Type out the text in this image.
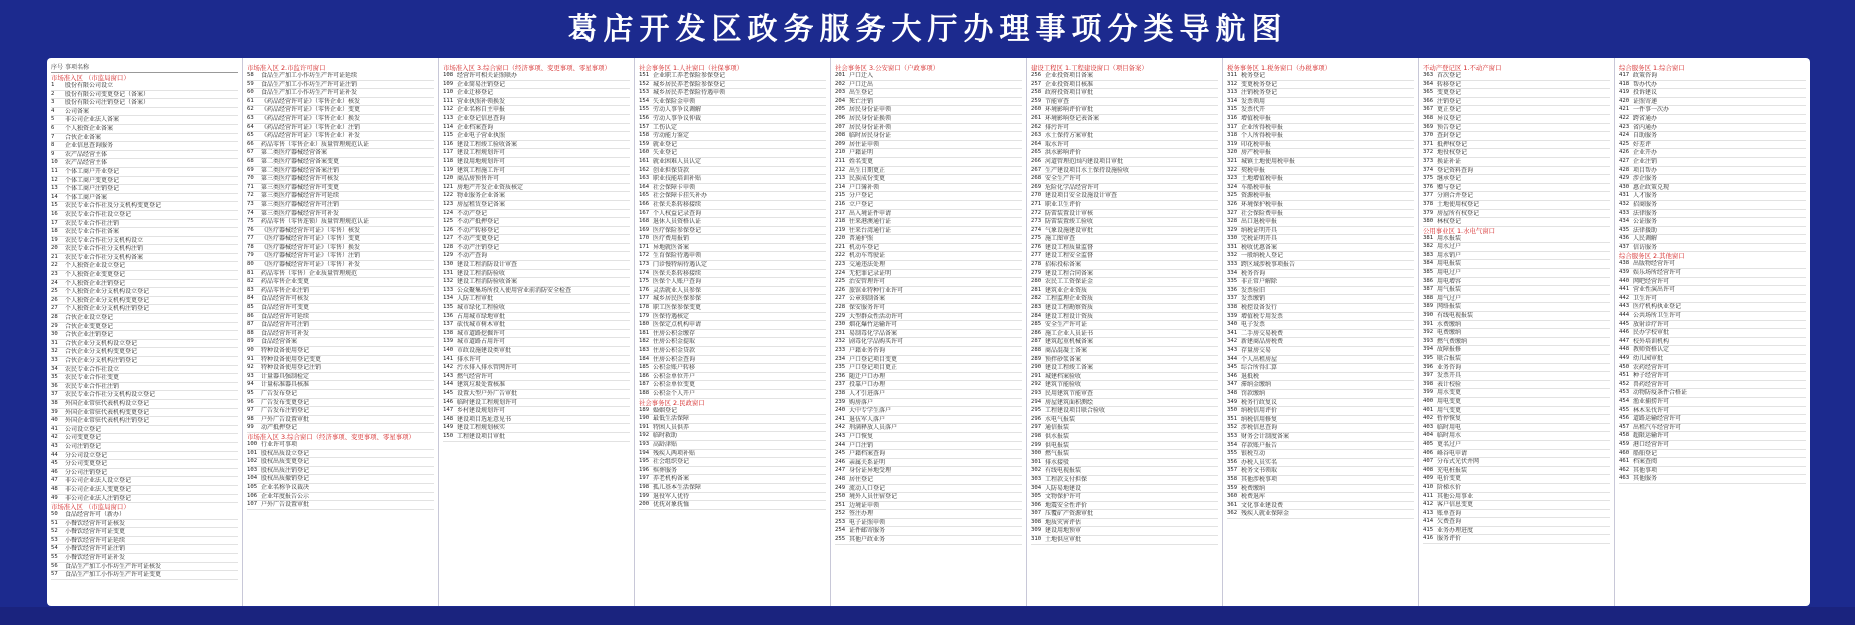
葛店开发区政务服务大厅办理事项分类导航图
序号 事项名称
市场准入区 （市监局窗口）
1	股份有限公司设立
2	股份有限公司变更登记（备案）
3	股份有限公司注销登记（备案）
4	公司备案
5	非公司企业法人备案
6	个人独资企业备案
7	合伙企业备案
8	企业信息查询服务
9	农产品经营主体
10	农产品经营主体
11	个体工商户开业登记
12	个体工商户变更登记
13	个体工商户注销登记
14	个体工商户备案
15	农民专业合作社及分支机构变更登记
16	农民专业合作社设立登记
17	农民专业合作社注销
18	农民专业合作社备案
19	农民专业合作社分支机构设立
20	农民专业合作社分支机构注销
21	农民专业合作社分支机构备案
22	个人独资企业设立登记
23	个人独资企业变更登记
24	个人独资企业注销登记
25	个人独资企业分支机构设立登记
26	个人独资企业分支机构变更登记
27	个人独资企业分支机构注销登记
28	合伙企业设立登记
29	合伙企业变更登记
30	合伙企业注销登记
31	合伙企业分支机构设立登记
32	合伙企业分支机构变更登记
33	合伙企业分支机构注销登记
34	农民专业合作社设立
35	农民专业合作社变更
36	农民专业合作社注销
37	农民专业合作社分支机构设立登记
38	外国企业常驻代表机构设立登记
39	外国企业常驻代表机构变更登记
40	外国企业常驻代表机构注销登记
41	公司设立登记
42	公司变更登记
43	公司注销登记
44	分公司设立登记
45	分公司变更登记
46	分公司注销登记
47	非公司企业法人设立登记
48	非公司企业法人变更登记
49	非公司企业法人注销登记
市场准入区 （市监局窗口）
50	食品经营许可（新办）
51	小餐饮经营许可证核发
52	小餐饮经营许可证变更
53	小餐饮经营许可证延续
54	小餐饮经营许可证注销
55	小餐饮经营许可证补发
56	食品生产加工小作坊生产许可证核发
57	食品生产加工小作坊生产许可证变更
市场准入区 2.市监许可窗口
58	食品生产加工小作坊生产许可证延续
59	食品生产加工小作坊生产许可证注销
60	食品生产加工小作坊生产许可证补发
61	《药品经营许可证》（零售企业）核发
62	《药品经营许可证》（零售企业）变更
63	《药品经营许可证》（零售企业）换发
64	《药品经营许可证》（零售企业）注销
65	《药品经营许可证》（零售企业）补发
66	药品零售（零售企业）质量管理规范认证
67	第二类医疗器械经营备案
68	第二类医疗器械经营备案变更
69	第二类医疗器械经营备案注销
70	第三类医疗器械经营许可核发
71	第三类医疗器械经营许可变更
72	第三类医疗器械经营许可延续
73	第三类医疗器械经营许可注销
74	第三类医疗器械经营许可补发
75	药品零售（零售连锁）质量管理规范认证
76	《医疗器械经营许可证》（零售）核发
77	《医疗器械经营许可证》（零售）变更
78	《医疗器械经营许可证》（零售）换发
79	《医疗器械经营许可证》（零售）注销
80	《医疗器械经营许可证》（零售）补发
81	药品零售（零售）企业质量管理规范
82	药品零售企业变更
83	药品零售企业注销
84	食品经营许可核发
85	食品经营许可变更
86	食品经营许可延续
87	食品经营许可注销
88	食品经营许可补发
89	食品经营备案
90	特种设备使用登记
91	特种设备使用登记变更
92	特种设备使用登记注销
93	计量器具强制检定
94	计量标准器具核准
95	广告发布登记
96	广告发布变更登记
97	广告发布注销登记
98	户外广告设置审批
99	动产抵押登记
市场准入区 3.综合窗口（经济事项、变更事项、零星事项）
100 行业许可事项
101 股权出质设立登记
102 股权出质变更登记
103 股权出质注销登记
104 股权出质撤销登记
105 企业名称争议裁决
106 企业年度报告公示
107 户外广告设置审批
市场准入区 3.综合窗口（经济事项、变更事项、零星事项）
108 经营许可相关证照联办
109 企业简易注销登记
110 企业迁移登记
111 营业执照补领换发
112 企业名称自主申报
113 企业登记信息查询
114 企业档案查询
115 企业电子营业执照
116 建设工程竣工验收备案
117 建设工程规划许可
118 建设用地规划许可
119 建筑工程施工许可
120 商品房预售许可
121 房地产开发企业资质核定
122 物业服务企业备案
123 房屋租赁登记备案
124 不动产登记
125 不动产抵押登记
126 不动产转移登记
127 不动产变更登记
128 不动产注销登记
129 不动产查询
130 建设工程消防设计审查
131 建设工程消防验收
132 建设工程消防验收备案
133 公众聚集场所投入使用营业前消防安全检查
134 人防工程审批
135 城市绿化工程验收
136 占用城市绿地审批
137 砍伐城市树木审批
138 城市道路挖掘许可
139 城市道路占用许可
140 市政设施建设类审批
141 排水许可
142 污水排入排水管网许可
143 燃气经营许可
144 建筑垃圾处置核准
145 设置大型户外广告审批
146 临时建设工程规划许可
147 乡村建设规划许可
148 建设项目选址意见书
149 建设工程规划核实
150 工程建设项目审批
社会事务区 1.人社窗口（社保事项）
151 企业职工养老保险参保登记
152 城乡居民养老保险参保登记
153 城乡居民养老保险待遇申领
154 失业保险金申领
155 劳动人事争议调解
156 劳动人事争议仲裁
157 工伤认定
158 劳动能力鉴定
159 就业登记
160 失业登记
161 就业困难人员认定
162 创业担保贷款
163 职业技能培训补贴
164 社会保障卡申领
165 社会保障卡挂失补办
166 社保关系转移接续
167 个人权益记录查询
168 退休人员资格认证
169 医疗保险参保登记
170 医疗费用报销
171 异地就医备案
172 生育保险待遇申领
173 门诊慢特病待遇认定
174 医保关系转移接续
175 医保个人账户查询
176 灵活就业人员参保
177 城乡居民医保参保
178 职工医保参保变更
179 医保待遇核定
180 医保定点机构申请
181 住房公积金缴存
182 住房公积金提取
183 住房公积金贷款
184 住房公积金查询
185 公积金账户转移
186 公积金单位开户
187 公积金单位变更
188 公积金个人开户
社会事务区 2.民政窗口
189 婚姻登记
190 最低生活保障
191 特困人员供养
192 临时救助
193 高龄津贴
194 残疾人两项补贴
195 社会组织登记
196 殡葬服务
197 养老机构备案
198 孤儿基本生活保障
199 退役军人优待
200 优抚对象抚恤
社会事务区 3.公安窗口（户政事项）
201 户口迁入
202 户口迁出
203 出生登记
204 死亡注销
205 居民身份证申领
206 居民身份证换领
207 居民身份证补领
208 临时居民身份证
209 居住证申领
210 户籍证明
211 姓名变更
212 出生日期更正
213 民族成份变更
214 户口簿补领
215 分户登记
216 立户登记
217 出入境证件申请
218 往来港澳通行证
219 往来台湾通行证
220 普通护照
221 机动车登记
222 机动车驾驶证
223 交通违法处理
224 无犯罪记录证明
225 治安管理许可
226 旅馆业特种行业许可
227 公章刻制备案
228 保安服务许可
229 大型群众性活动许可
230 烟花爆竹运输许可
231 易制毒化学品备案
232 剧毒化学品购买许可
233 户籍业务咨询
234 户口登记项目变更
235 户口登记项目更正
236 随迁户口办理
237 投靠户口办理
238 人才引进落户
239 购房落户
240 大中专学生落户
241 退伍军人落户
242 刑满释放人员落户
243 户口恢复
244 户口注销
245 户籍档案查询
246 亲属关系证明
247 身份证异地受理
248 居住登记
249 流动人口登记
250 境外人员住宿登记
251 边境证申领
252 签注办理
253 电子证照申领
254 证件邮寄服务
255 其他户政业务
建设工程区 1.工程建设窗口（项目备案）
256 企业投资项目备案
257 企业投资项目核准
258 政府投资项目审批
259 节能审查
260 环境影响评价审批
261 环境影响登记表备案
262 排污许可
263 水土保持方案审批
264 取水许可
265 洪水影响评价
266 河道管理范围内建设项目审批
267 生产建设项目水土保持设施验收
268 安全生产许可
269 危险化学品经营许可
270 建设项目安全设施设计审查
271 职业卫生评价
272 防雷装置设计审核
273 防雷装置竣工验收
274 气象设施建设审批
275 施工图审查
276 建设工程质量监督
277 建设工程安全监督
278 招标投标备案
279 建设工程合同备案
280 农民工工资保证金
281 建筑业企业资质
282 工程监理企业资质
283 建设工程勘察资质
284 建设工程设计资质
285 安全生产许可证
286 施工企业人员证书
287 建筑起重机械备案
288 商品混凝土备案
289 预拌砂浆备案
290 建设工程竣工备案
291 城建档案验收
292 建筑节能验收
293 民用建筑节能审查
294 房屋建筑面积测绘
295 工程建设项目联合验收
296 水电气报装
297 通信报装
298 供水报装
299 供电报装
300 燃气报装
301 排水接驳
302 有线电视报装
303 工程款支付担保
304 人防易地建设
305 文物保护许可
306 地震安全性评价
307 压覆矿产资源审批
308 地质灾害评估
309 建设用地预审
310 土地供应审批
税务事务区 1.税务窗口（办税事项）
311 税务登记
312 变更税务登记
313 注销税务登记
314 发票领用
315 发票代开
316 增值税申报
317 企业所得税申报
318 个人所得税申报
319 印花税申报
320 房产税申报
321 城镇土地使用税申报
322 契税申报
323 土地增值税申报
324 车船税申报
325 资源税申报
326 环境保护税申报
327 社会保险费申报
328 出口退税申报
329 纳税证明开具
330 完税证明开具
331 税收优惠备案
332 一般纳税人登记
333 跨区域涉税事项报告
334 税务咨询
335 非正常户解除
336 发票验旧
337 发票缴销
338 税控设备发行
339 增值税专用发票
340 电子发票
341 二手房交易税费
342 新建商品房税费
343 存量房交易
344 个人出租房屋
345 综合所得汇算
346 退抵税
347 滞纳金缴纳
348 罚款缴纳
349 税务行政复议
350 纳税信用评价
351 纳税信用修复
352 涉税信息查询
353 财务会计制度备案
354 存款账户报告
355 银税互动
356 办税人员实名
357 税务文书领取
358 其他涉税事项
359 税费缴纳
360 税费退库
361 文化事业建设费
362 残疾人就业保障金
不动产登记区 1.不动产窗口
363 首次登记
364 转移登记
365 变更登记
366 注销登记
367 更正登记
368 异议登记
369 预告登记
370 查封登记
371 抵押权登记
372 地役权登记
373 换证补证
374 登记资料查询
375 继承登记
376 赠与登记
377 分割合并登记
378 土地使用权登记
379 房屋所有权登记
380 林权登记
公用事业区 1.水电气窗口
381 用水报装
382 用水过户
383 用水销户
384 用电报装
385 用电过户
386 用电增容
387 用气报装
388 用气过户
389 网络报装
390 有线电视报装
391 水费缴纳
392 电费缴纳
393 燃气费缴纳
394 故障报修
395 联合报装
396 业务咨询
397 发票开具
398 表计校验
399 用水变更
400 用电变更
401 用气变更
402 暂停恢复
403 临时用电
404 临时用水
405 更名过户
406 峰谷电申请
407 分布式光伏并网
408 充电桩报装
409 电价变更
410 阶梯水价
411 其他公用事业
412 客户信息变更
413 账单查询
414 欠费查询
415 业务办理进度
416 服务评价
综合服务区 1.综合窗口
417 政策咨询
418 帮办代办
419 投诉建议
420 证照寄递
421 一件事一次办
422 跨省通办
423 省内通办
424 自助服务
425 好差评
426 企业开办
427 企业注销
428 项目帮办
429 涉企服务
430 惠企政策兑现
431 人才服务
432 招商服务
433 法律服务
434 公证服务
435 法律援助
436 人民调解
437 信访服务
综合服务区 2.其他窗口
438 出版物经营许可
439 娱乐场所经营许可
440 网吧经营许可
441 营业性演出许可
442 卫生许可
443 医疗机构执业登记
444 公共场所卫生许可
445 放射诊疗许可
446 民办学校审批
447 校外培训机构
448 教师资格认定
449 幼儿园审批
450 农药经营许可
451 种子经营许可
452 兽药经营许可
453 动物防疫条件合格证
454 渔业捕捞许可
455 林木采伐许可
456 道路运输经营许可
457 出租汽车经营许可
458 超限运输许可
459 港口经营许可
460 船舶登记
461 档案查阅
462 其他事项
463 其他服务
